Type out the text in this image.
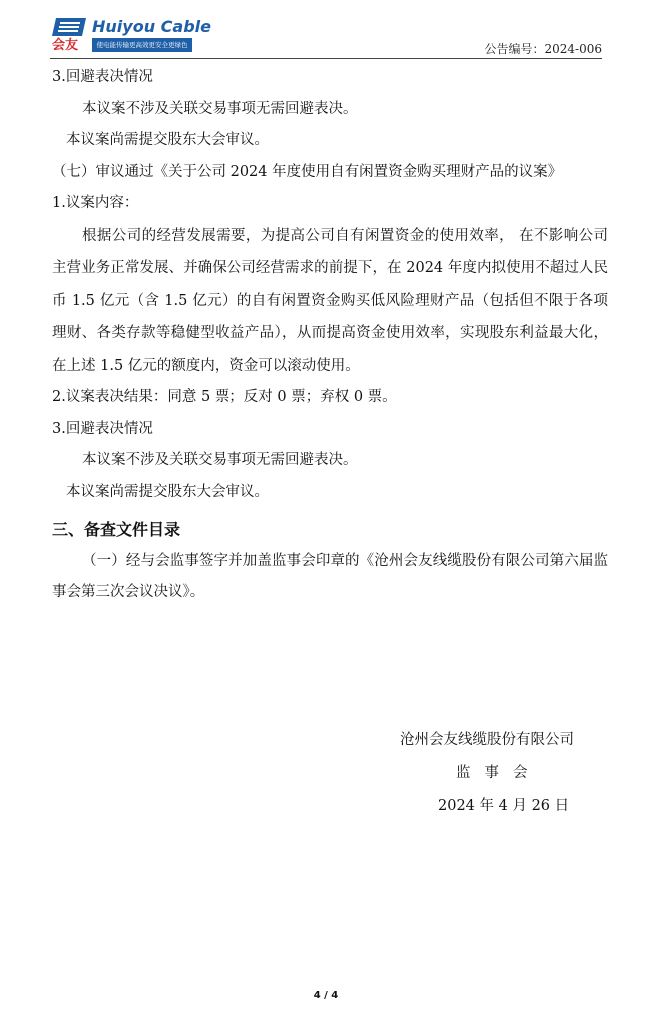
会友
Huiyou Cable
使电能传输更高效更安全更绿色	公告编号：2024-006
3.回避表决情况
本议案不涉及关联交易事项无需回避表决。
本议案尚需提交股东大会审议。
（七）审议通过《关于公司 2024 年度使用自有闲置资金购买理财产品的议案》
1.议案内容：
根据公司的经营发展需要，为提高公司自有闲置资金的使用效率， 在不影响公司主营业务正常发展、并确保公司经营需求的前提下，在 2024 年度内拟使用不超过人民币 1.5 亿元（含 1.5 亿元）的自有闲置资金购买低风险理财产品（包括但不限于各项理财、各类存款等稳健型收益产品），从而提高资金使用效率，实现股东利益最大化，在上述 1.5 亿元的额度内，资金可以滚动使用。
2.议案表决结果：同意 5 票；反对 0 票；弃权 0 票。
3.回避表决情况
本议案不涉及关联交易事项无需回避表决。
本议案尚需提交股东大会审议。
三、备查文件目录
（一）经与会监事签字并加盖监事会印章的《沧州会友线缆股份有限公司第六届监事会第三次会议决议》。
沧州会友线缆股份有限公司
监事会
2024 年 4 月 26 日
4 / 4
